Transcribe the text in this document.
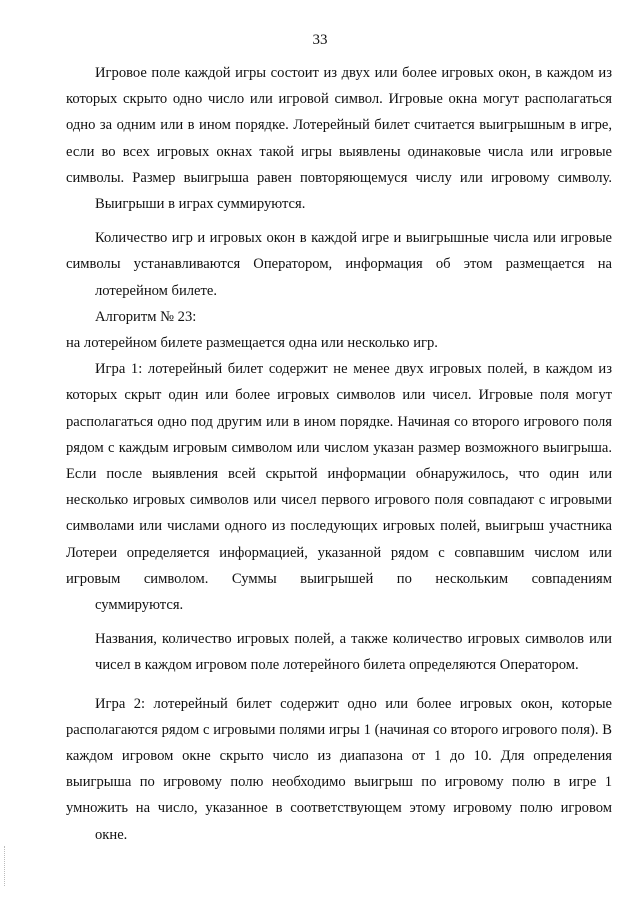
33

Игровое поле каждой игры состоит из двух или более игровых окон, в каждом из которых скрыто одно число или игровой символ. Игровые окна могут располагаться одно за одним или в ином порядке. Лотерейный билет считается выигрышным в игре, если во всех игровых окнах такой игры выявлены одинаковые числа или игровые символы. Размер выигрыша равен повторяющемуся числу или игровому символу.
Выигрыши в играх суммируются.

Количество игр и игровых окон в каждой игре и выигрышные числа или игровые символы устанавливаются Оператором, информация об этом размещается на
лотерейном билете.

Алгоритм № 23:

на лотерейном билете размещается одна или несколько игр.

Игра 1: лотерейный билет содержит не менее двух игровых полей, в каждом из которых скрыт один или более игровых символов или чисел. Игровые поля могут располагаться одно под другим или в ином порядке. Начиная со второго игрового поля рядом с каждым игровым символом или числом указан размер возможного выигрыша. Если после выявления всей скрытой информации обнаружилось, что один или несколько игровых символов или чисел первого игрового поля совпадают с игровыми символами или числами одного из последующих игровых полей, выигрыш участника Лотереи определяется информацией, указанной рядом с совпавшим числом или игровым символом. Суммы выигрышей по нескольким совпадениям
суммируются.

Названия, количество игровых полей, а также количество игровых символов или
чисел в каждом игровом поле лотерейного билета определяются Оператором.

Игра 2: лотерейный билет содержит одно или более игровых окон, которые располагаются рядом с игровыми полями игры 1 (начиная со второго игрового поля). В каждом игровом окне скрыто число из диапазона от 1 до 10. Для определения выигрыша по игровому полю необходимо выигрыш по игровому полю в игре 1 умножить на число, указанное в соответствующем этому игровому полю игровом
окне.
